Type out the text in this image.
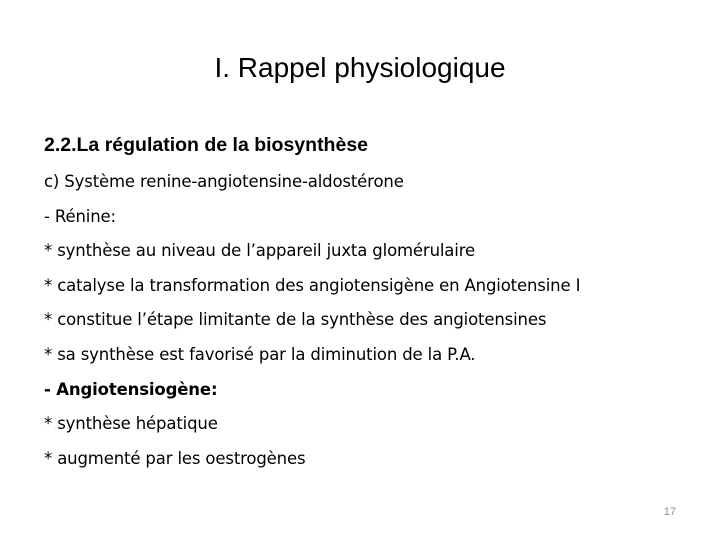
I. Rappel physiologique
2.2.La régulation de la biosynthèse
c) Système renine-angiotensine-aldostérone
- Rénine:
* synthèse au niveau de l’appareil juxta glomérulaire
* catalyse la transformation des angiotensigène en Angiotensine I
* constitue l’étape limitante de la synthèse des angiotensines
* sa synthèse est favorisé par la diminution de la P.A.
- Angiotensiogène:
* synthèse hépatique
* augmenté par les oestrogènes
17
